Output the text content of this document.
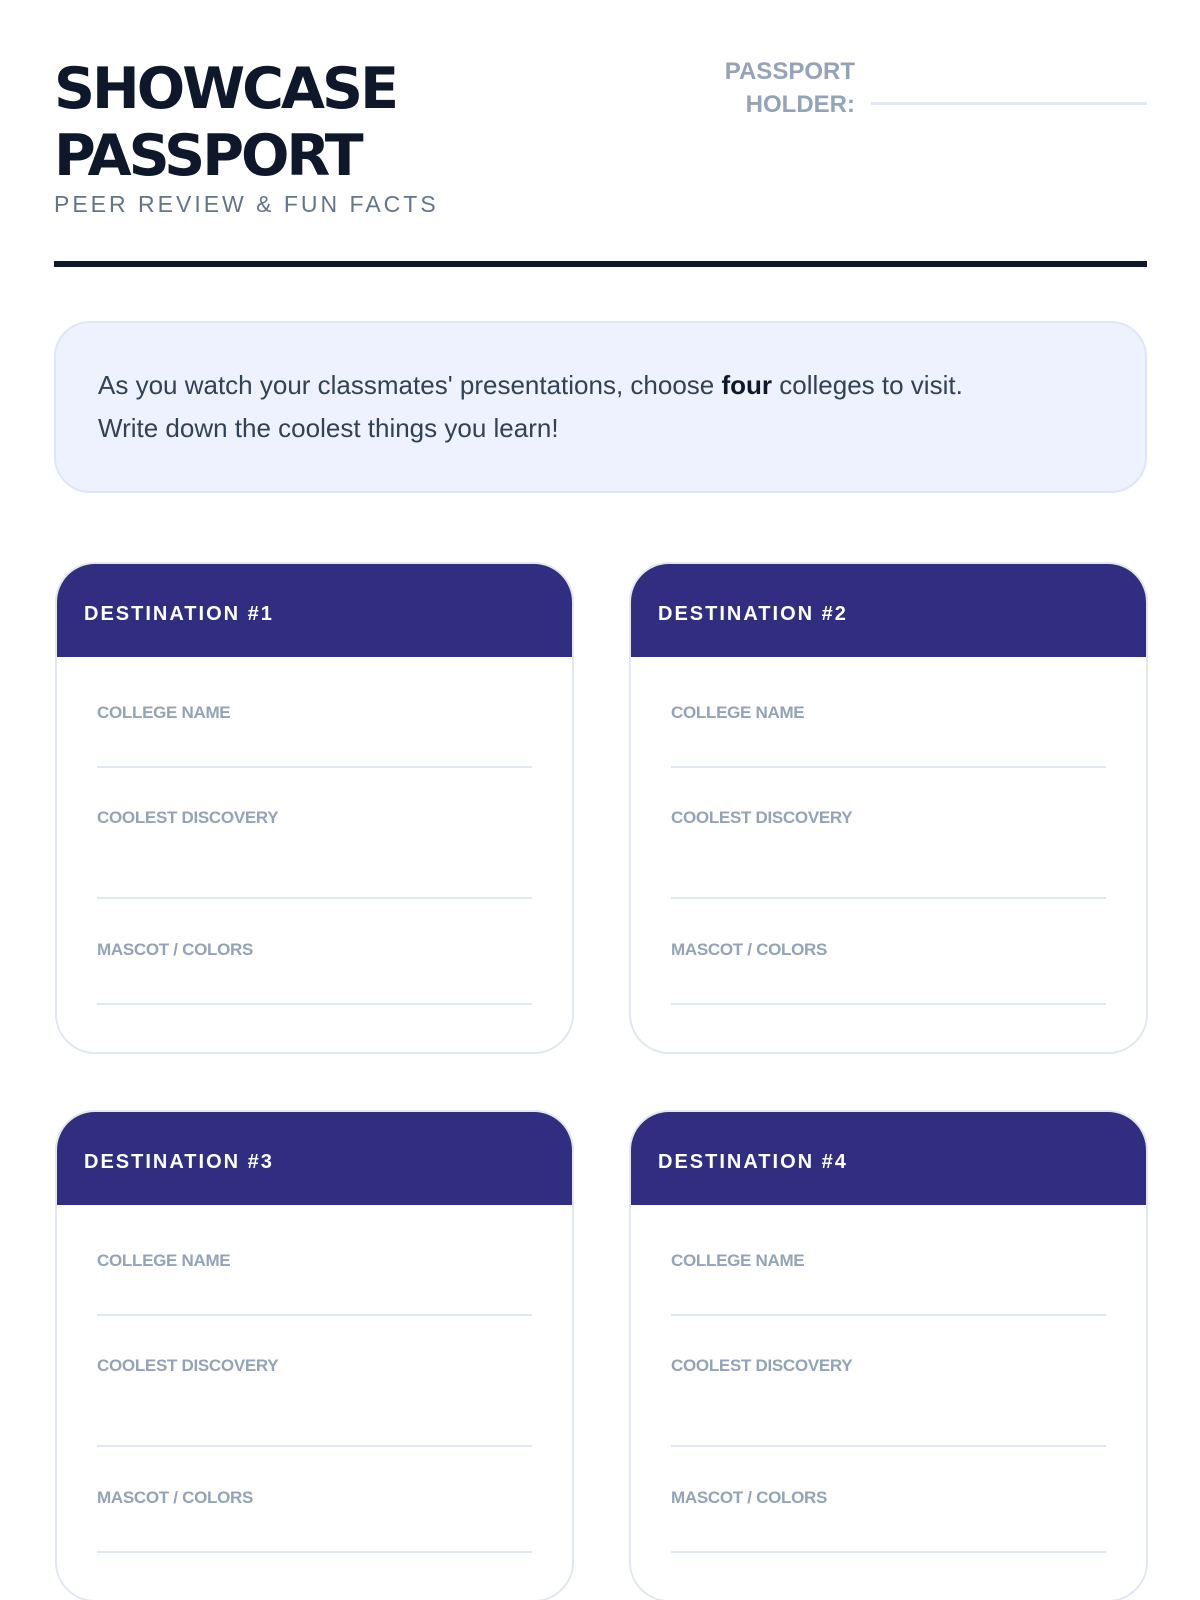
SHOWCASE
PASSPORT
PEER REVIEW & FUN FACTS
PASSPORT
HOLDER:
As you watch your classmates' presentations, choose four colleges to visit.
Write down the coolest things you learn!
DESTINATION #1
COLLEGE NAME
COOLEST DISCOVERY
MASCOT / COLORS
DESTINATION #2
COLLEGE NAME
COOLEST DISCOVERY
MASCOT / COLORS
DESTINATION #3
COLLEGE NAME
COOLEST DISCOVERY
MASCOT / COLORS
DESTINATION #4
COLLEGE NAME
COOLEST DISCOVERY
MASCOT / COLORS
